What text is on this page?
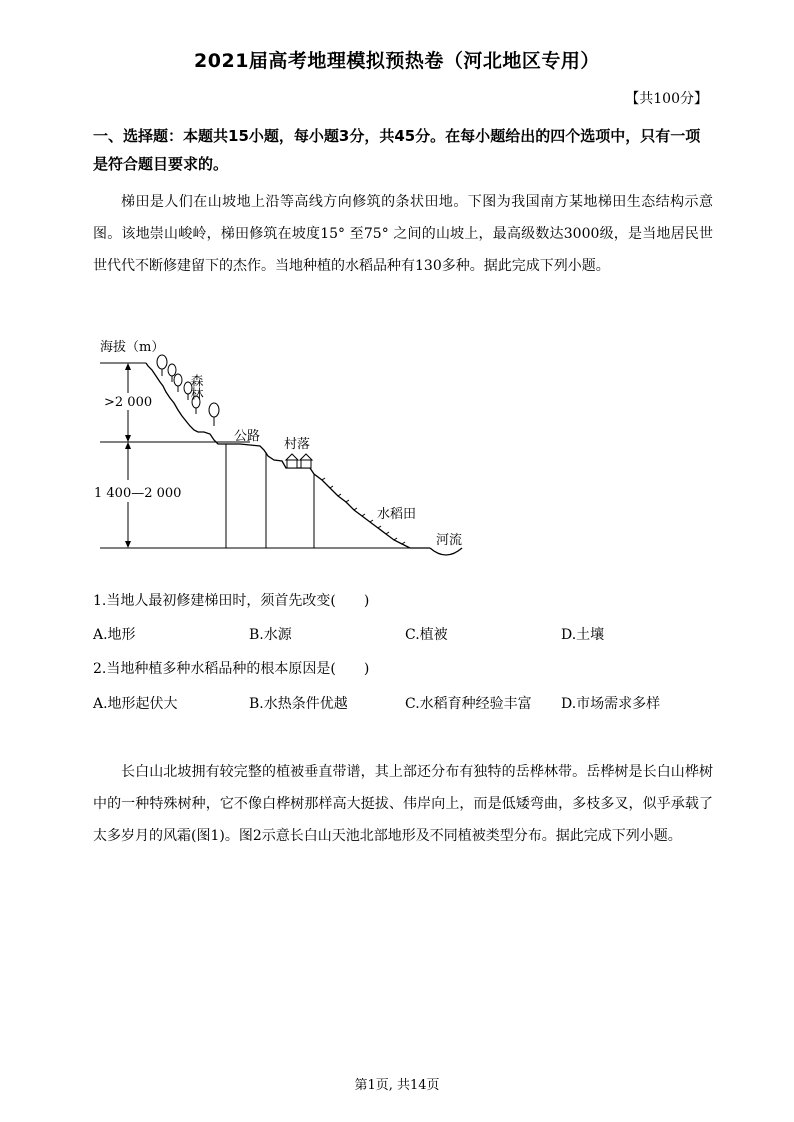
2021届高考地理模拟预热卷（河北地区专用）
【共100分】
一、选择题：本题共15小题，每小题3分，共45分。在每小题给出的四个选项中，只有一项是符合题目要求的。
梯田是人们在山坡地上沿等高线方向修筑的条状田地。下图为我国南方某地梯田生态结构示意图。该地崇山峻岭，梯田修筑在坡度15° 至75° 之间的山坡上，最高级数达3000级，是当地居民世世代代不断修建留下的杰作。当地种植的水稻品种有130多种。据此完成下列小题。
海拔（m）
>2 000
1 400—2 000
森林
公路
村落
水稻田
河流
1.当地人最初修建梯田时，须首先改变(　　)
A.地形	B.水源	C.植被	D.土壤
2.当地种植多种水稻品种的根本原因是(　　)
A.地形起伏大	B.水热条件优越	C.水稻育种经验丰富 D.市场需求多样
长白山北坡拥有较完整的植被垂直带谱，其上部还分布有独特的岳桦林带。岳桦树是长白山桦树中的一种特殊树种，它不像白桦树那样高大挺拔、伟岸向上，而是低矮弯曲，多枝多叉，似乎承载了太多岁月的风霜(图1)。图2示意长白山天池北部地形及不同植被类型分布。据此完成下列小题。
第1页, 共14页
